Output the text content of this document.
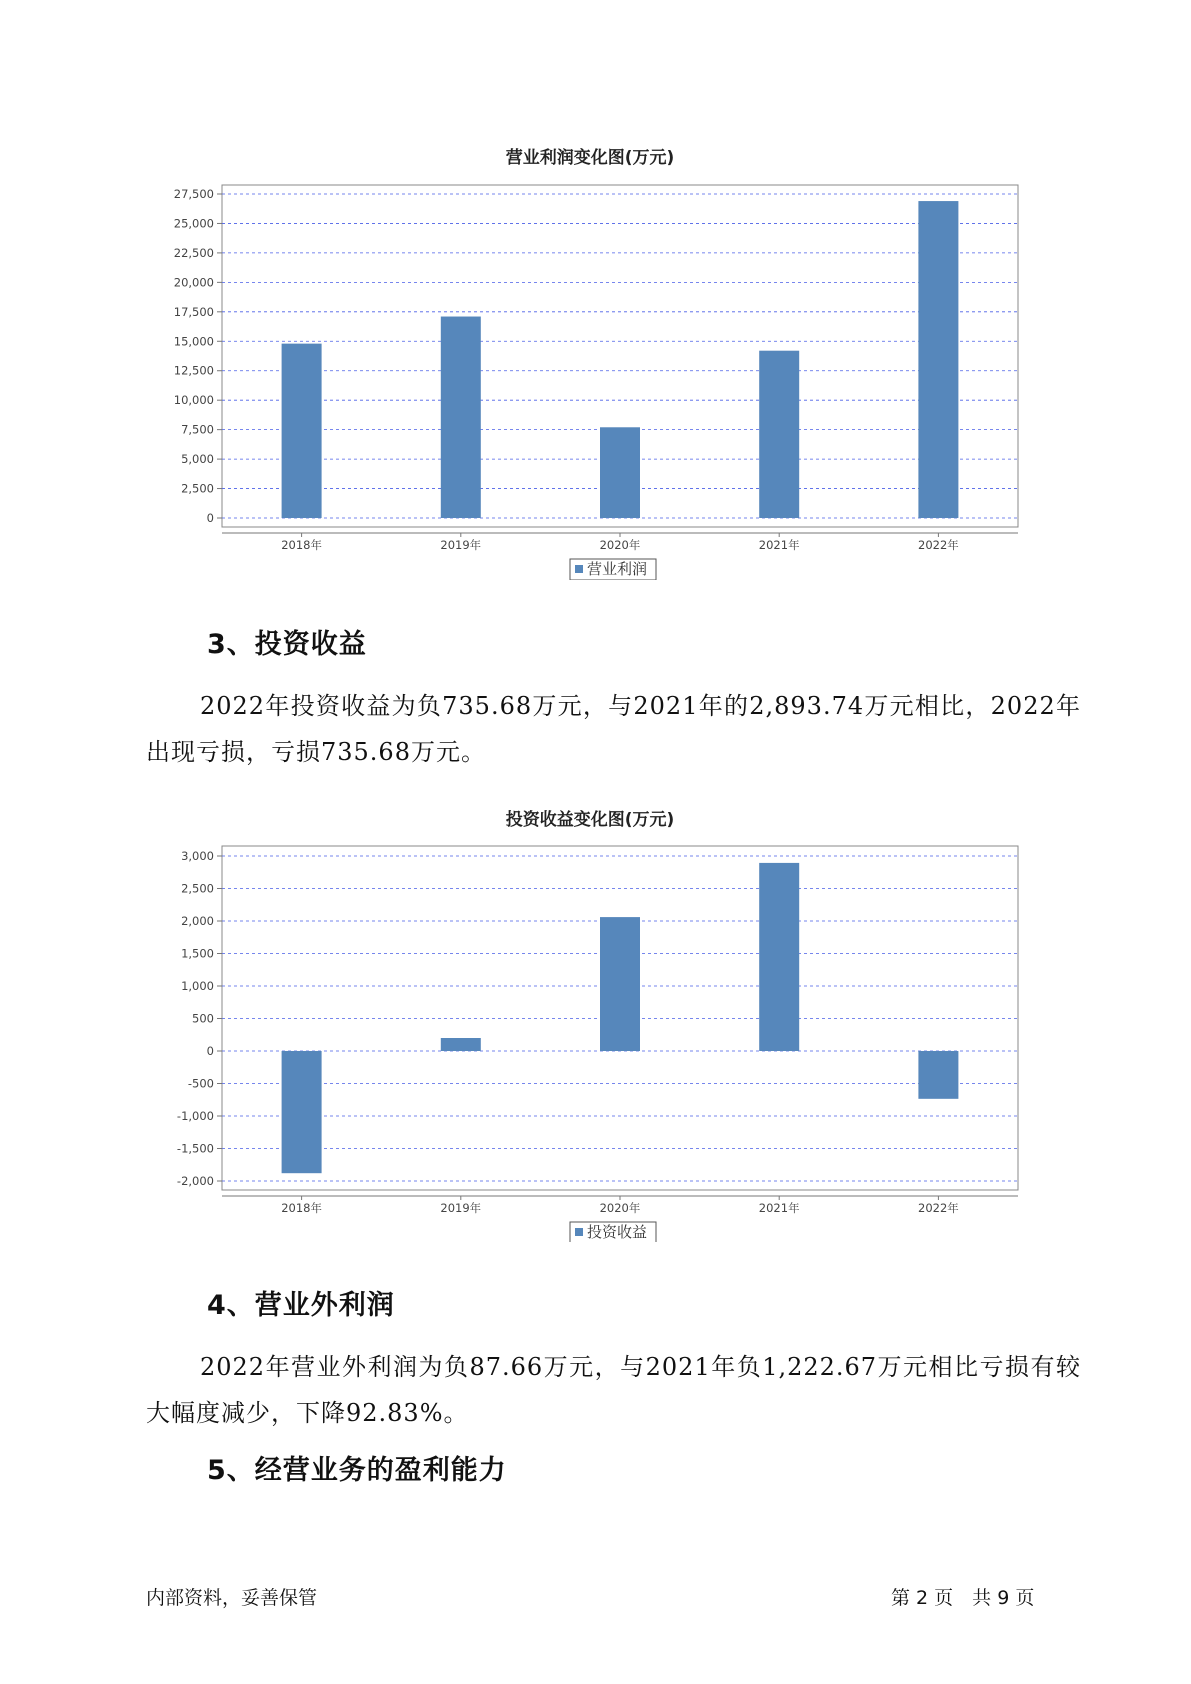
营业利润变化图(万元)
0
2,500
5,000
7,500
10,000
12,500
15,000
17,500
20,000
22,500
25,000
27,500
2018年	2019年	2020年	2021年	2022年
营业利润
3、投资收益

2022年投资收益为负735.68万元，与2021年的2,893.74万元相比，2022年出现亏损，亏损735.68万元。

投资收益变化图(万元)
-2,000
-1,500
-1,000
-500
0
500
1,000
1,500
2,000
2,500
3,000
2018年	2019年	2020年	2021年	2022年
投资收益
4、营业外利润

2022年营业外利润为负87.66万元，与2021年负1,222.67万元相比亏损有较大幅度减少，下降92.83%。

5、经营业务的盈利能力
内部资料，妥善保管	第 2 页　共 9 页
